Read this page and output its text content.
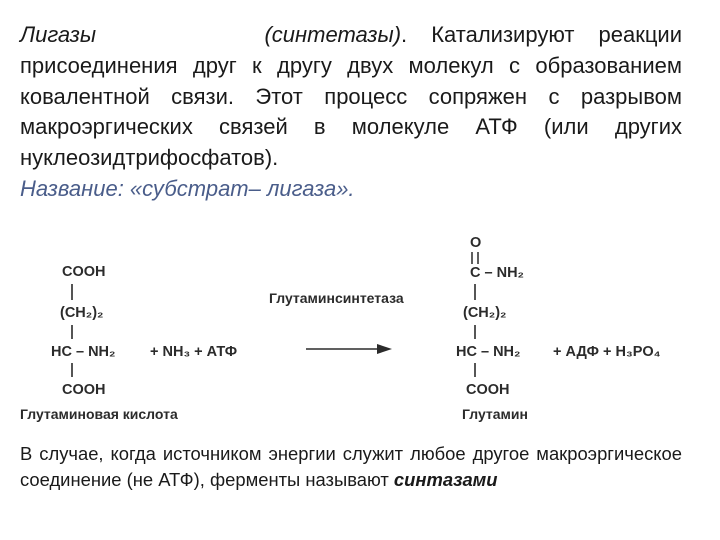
Лигазы	(синтетазы). Катализируют реакции присоединения друг к другу двух молекул с образованием ковалентной связи. Этот процесс сопряжен с разрывом макроэргических связей в молекуле АТФ (или других нуклеозидтрифосфатов).
Название: «субстрат– лигаза».
COOH
(CH₂)₂
HC – NH₂
COOH
Глутаминовая кислота
+ NH₃ + АТФ
Глутаминсинтетаза
O
C – NH₂
(CH₂)₂
HC – NH₂
COOH
Глутамин
+ АДФ + H₃PO₄
В случае, когда источником энергии служит любое другое макроэргическое соединение (не АТФ), ферменты называют синтазами
